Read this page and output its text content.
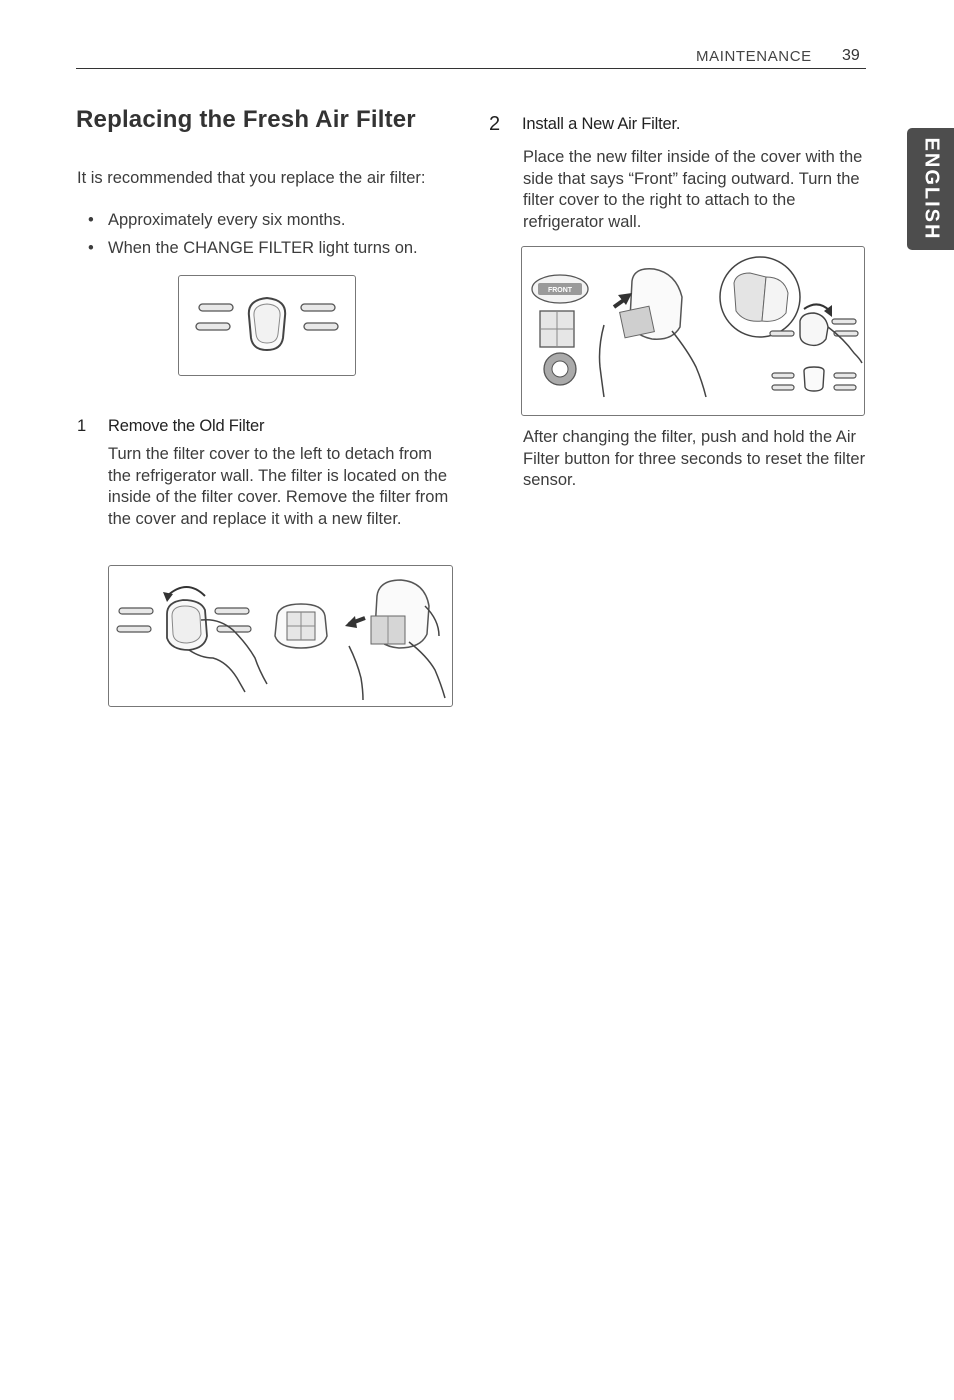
MAINTENANCE 39
ENGLISH
Replacing the Fresh Air Filter
It is recommended that you replace the air filter:
• Approximately every six months.
• When the CHANGE FILTER light turns on.
1 Remove the Old Filter
Turn the filter cover to the left to detach from the refrigerator wall. The filter is located on the inside of the filter cover. Remove the filter from the cover and replace it with a new filter.
2 Install a New Air Filter.
Place the new filter inside of the cover with the side that says “Front” facing outward. Turn the filter cover to the right to attach to the refrigerator wall.
FRONT
After changing the filter, push and hold the Air Filter button for three seconds to reset the filter sensor.
